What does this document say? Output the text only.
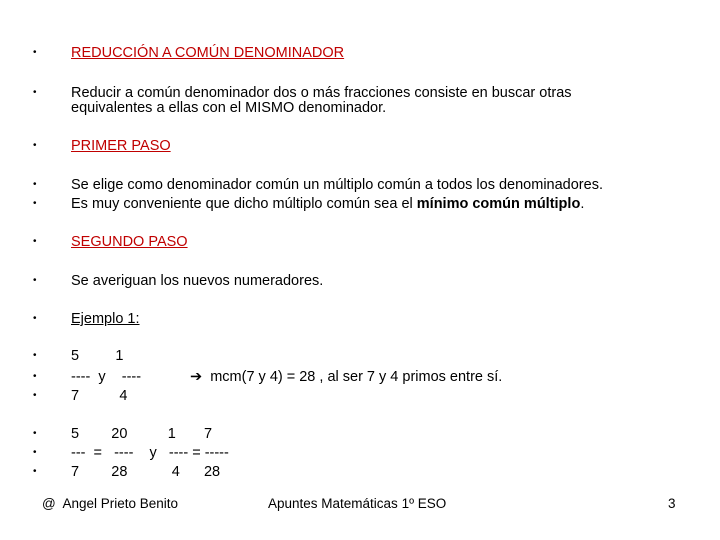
• REDUCCIÓN A COMÚN DENOMINADOR
• Reducir a común denominador dos o más fracciones consiste en buscar otras
equivalentes a ellas con el MISMO denominador.
• PRIMER PASO
• Se elige como denominador común un múltiplo común a todos los denominadores.
• Es muy conveniente que dicho múltiplo común sea el mínimo común múltiplo.
• SEGUNDO PASO
• Se averiguan los nuevos numeradores.
• Ejemplo 1:
• 5         1
• ----  y    ----	➔  mcm(7 y 4) = 28 , al ser 7 y 4 primos entre sí.
• 7          4
• 5        20          1       7
• ---  =   ----    y   ---- = -----
• 7        28           4      28
@  Angel Prieto Benito	Apuntes Matemáticas 1º ESO	3
